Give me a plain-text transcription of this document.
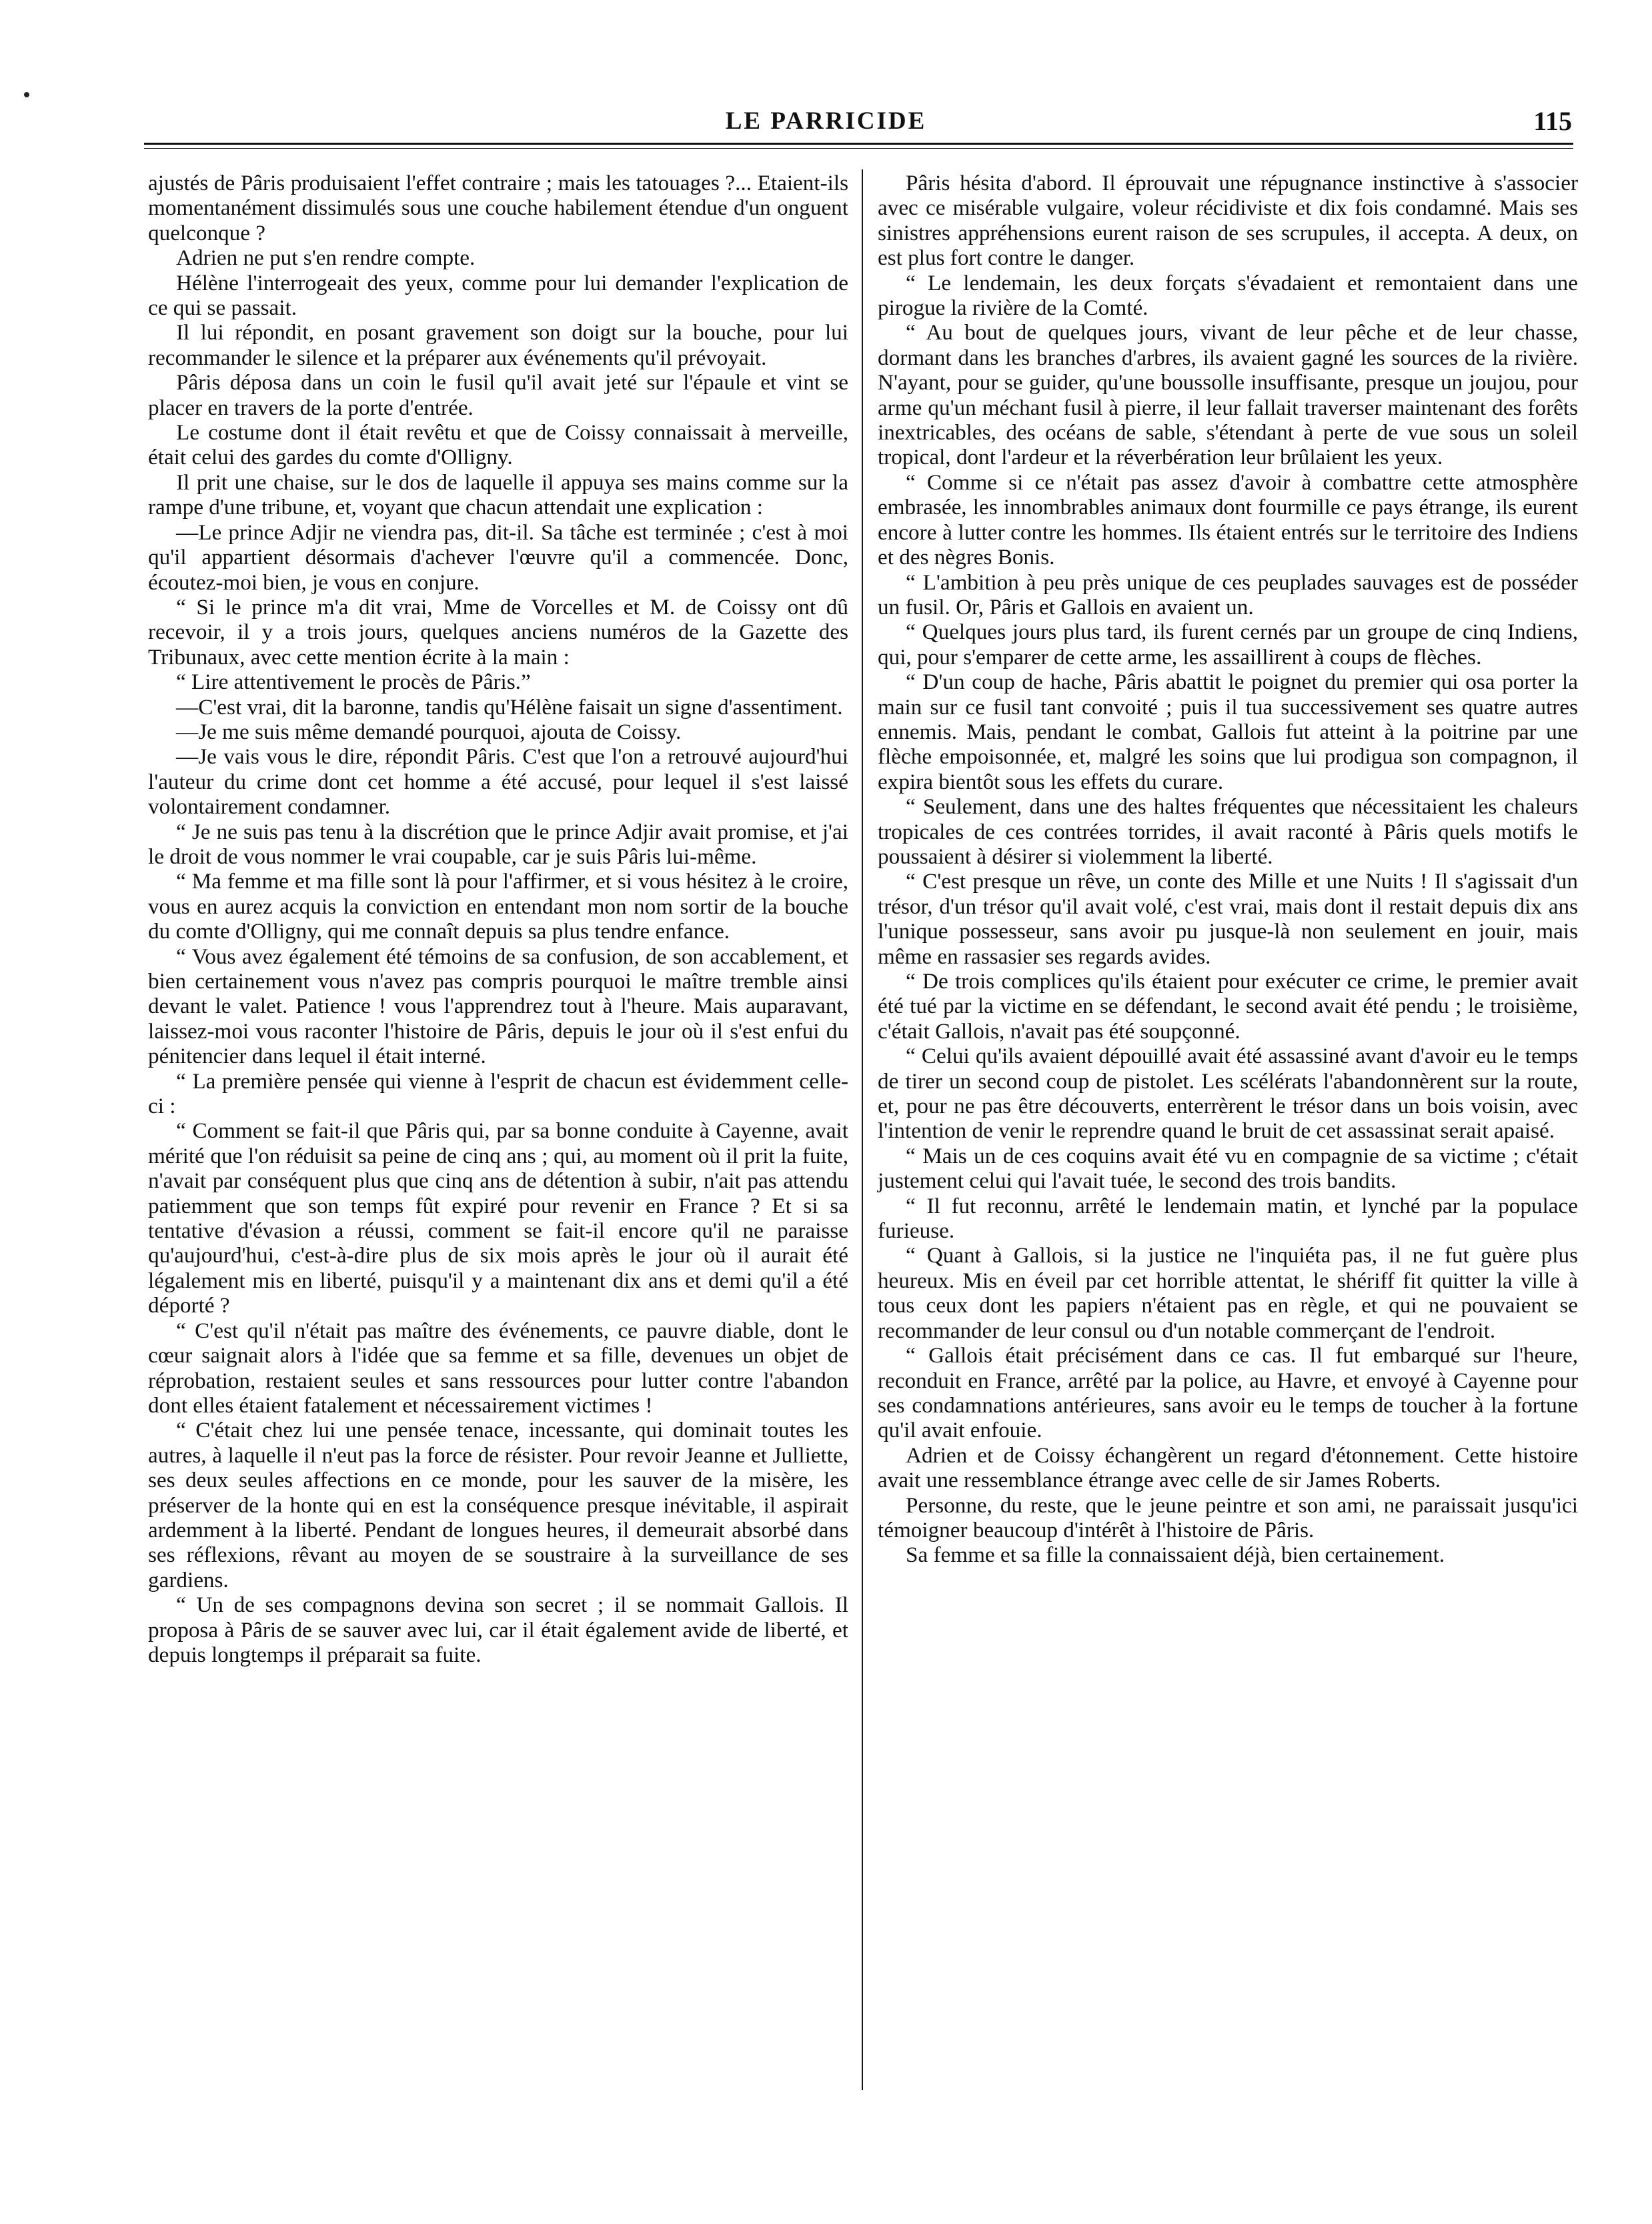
LE PARRICIDE	115

ajustés de Pâris produisaient l'effet contraire ; mais les tatouages ?... Etaient-ils momentanément dissimulés sous une couche habilement étendue d'un onguent quelconque ?

Adrien ne put s'en rendre compte.

Hélène l'interrogeait des yeux, comme pour lui demander l'explication de ce qui se passait.

Il lui répondit, en posant gravement son doigt sur la bouche, pour lui recommander le silence et la préparer aux événements qu'il prévoyait.

Pâris déposa dans un coin le fusil qu'il avait jeté sur l'épaule et vint se placer en travers de la porte d'entrée.

Le costume dont il était revêtu et que de Coissy connaissait à merveille, était celui des gardes du comte d'Olligny.

Il prit une chaise, sur le dos de laquelle il appuya ses mains comme sur la rampe d'une tribune, et, voyant que chacun attendait une explication :

—Le prince Adjir ne viendra pas, dit-il. Sa tâche est terminée ; c'est à moi qu'il appartient désormais d'achever l'œuvre qu'il a commencée. Donc, écoutez-moi bien, je vous en conjure.

“ Si le prince m'a dit vrai, Mme de Vorcelles et M. de Coissy ont dû recevoir, il y a trois jours, quelques anciens numéros de la Gazette des Tribunaux, avec cette mention écrite à la main :

“ Lire attentivement le procès de Pâris.”

—C'est vrai, dit la baronne, tandis qu'Hélène faisait un signe d'assentiment.

—Je me suis même demandé pourquoi, ajouta de Coissy.

—Je vais vous le dire, répondit Pâris. C'est que l'on a retrouvé aujourd'hui l'auteur du crime dont cet homme a été accusé, pour lequel il s'est laissé volontairement condamner.

“ Je ne suis pas tenu à la discrétion que le prince Adjir avait promise, et j'ai le droit de vous nommer le vrai coupable, car je suis Pâris lui-même.

“ Ma femme et ma fille sont là pour l'affirmer, et si vous hésitez à le croire, vous en aurez acquis la conviction en entendant mon nom sortir de la bouche du comte d'Olligny, qui me connaît depuis sa plus tendre enfance.

“ Vous avez également été témoins de sa confusion, de son accablement, et bien certainement vous n'avez pas compris pourquoi le maître tremble ainsi devant le valet. Patience ! vous l'apprendrez tout à l'heure. Mais auparavant, laissez-moi vous raconter l'histoire de Pâris, depuis le jour où il s'est enfui du pénitencier dans lequel il était interné.

“ La première pensée qui vienne à l'esprit de chacun est évidemment celle-ci :

“ Comment se fait-il que Pâris qui, par sa bonne conduite à Cayenne, avait mérité que l'on réduisit sa peine de cinq ans ; qui, au moment où il prit la fuite, n'avait par conséquent plus que cinq ans de détention à subir, n'ait pas attendu patiemment que son temps fût expiré pour revenir en France ? Et si sa tentative d'évasion a réussi, comment se fait-il encore qu'il ne paraisse qu'aujourd'hui, c'est-à-dire plus de six mois après le jour où il aurait été légalement mis en liberté, puisqu'il y a maintenant dix ans et demi qu'il a été déporté ?

“ C'est qu'il n'était pas maître des événements, ce pauvre diable, dont le cœur saignait alors à l'idée que sa femme et sa fille, devenues un objet de réprobation, restaient seules et sans ressources pour lutter contre l'abandon dont elles étaient fatalement et nécessairement victimes !

“ C'était chez lui une pensée tenace, incessante, qui dominait toutes les autres, à laquelle il n'eut pas la force de résister. Pour revoir Jeanne et Julliette, ses deux seules affections en ce monde, pour les sauver de la misère, les préserver de la honte qui en est la conséquence presque inévitable, il aspirait ardemment à la liberté. Pendant de longues heures, il demeurait absorbé dans ses réflexions, rêvant au moyen de se soustraire à la surveillance de ses gardiens.

“ Un de ses compagnons devina son secret ; il se nommait Gallois. Il proposa à Pâris de se sauver avec lui, car il était également avide de liberté, et depuis longtemps il préparait sa fuite.

Pâris hésita d'abord. Il éprouvait une répugnance instinctive à s'associer avec ce misérable vulgaire, voleur récidiviste et dix fois condamné. Mais ses sinistres appréhensions eurent raison de ses scrupules, il accepta. A deux, on est plus fort contre le danger.

“ Le lendemain, les deux forçats s'évadaient et remontaient dans une pirogue la rivière de la Comté.

“ Au bout de quelques jours, vivant de leur pêche et de leur chasse, dormant dans les branches d'arbres, ils avaient gagné les sources de la rivière. N'ayant, pour se guider, qu'une boussolle insuffisante, presque un joujou, pour arme qu'un méchant fusil à pierre, il leur fallait traverser maintenant des forêts inextricables, des océans de sable, s'étendant à perte de vue sous un soleil tropical, dont l'ardeur et la réverbération leur brûlaient les yeux.

“ Comme si ce n'était pas assez d'avoir à combattre cette atmosphère embrasée, les innombrables animaux dont fourmille ce pays étrange, ils eurent encore à lutter contre les hommes. Ils étaient entrés sur le territoire des Indiens et des nègres Bonis.

“ L'ambition à peu près unique de ces peuplades sauvages est de posséder un fusil. Or, Pâris et Gallois en avaient un.

“ Quelques jours plus tard, ils furent cernés par un groupe de cinq Indiens, qui, pour s'emparer de cette arme, les assaillirent à coups de flèches.

“ D'un coup de hache, Pâris abattit le poignet du premier qui osa porter la main sur ce fusil tant convoité ; puis il tua successivement ses quatre autres ennemis. Mais, pendant le combat, Gallois fut atteint à la poitrine par une flèche empoisonnée, et, malgré les soins que lui prodigua son compagnon, il expira bientôt sous les effets du curare.

“ Seulement, dans une des haltes fréquentes que nécessitaient les chaleurs tropicales de ces contrées torrides, il avait raconté à Pâris quels motifs le poussaient à désirer si violemment la liberté.

“ C'est presque un rêve, un conte des Mille et une Nuits ! Il s'agissait d'un trésor, d'un trésor qu'il avait volé, c'est vrai, mais dont il restait depuis dix ans l'unique possesseur, sans avoir pu jusque-là non seulement en jouir, mais même en rassasier ses regards avides.

“ De trois complices qu'ils étaient pour exécuter ce crime, le premier avait été tué par la victime en se défendant, le second avait été pendu ; le troisième, c'était Gallois, n'avait pas été soupçonné.

“ Celui qu'ils avaient dépouillé avait été assassiné avant d'avoir eu le temps de tirer un second coup de pistolet. Les scélérats l'abandonnèrent sur la route, et, pour ne pas être découverts, enterrèrent le trésor dans un bois voisin, avec l'intention de venir le reprendre quand le bruit de cet assassinat serait apaisé.

“ Mais un de ces coquins avait été vu en compagnie de sa victime ; c'était justement celui qui l'avait tuée, le second des trois bandits.

“ Il fut reconnu, arrêté le lendemain matin, et lynché par la populace furieuse.

“ Quant à Gallois, si la justice ne l'inquiéta pas, il ne fut guère plus heureux. Mis en éveil par cet horrible attentat, le shériff fit quitter la ville à tous ceux dont les papiers n'étaient pas en règle, et qui ne pouvaient se recommander de leur consul ou d'un notable commerçant de l'endroit.

“ Gallois était précisément dans ce cas. Il fut embarqué sur l'heure, reconduit en France, arrêté par la police, au Havre, et envoyé à Cayenne pour ses condamnations antérieures, sans avoir eu le temps de toucher à la fortune qu'il avait enfouie.

Adrien et de Coissy échangèrent un regard d'étonnement. Cette histoire avait une ressemblance étrange avec celle de sir James Roberts.

Personne, du reste, que le jeune peintre et son ami, ne paraissait jusqu'ici témoigner beaucoup d'intérêt à l'histoire de Pâris.

Sa femme et sa fille la connaissaient déjà, bien certainement.
